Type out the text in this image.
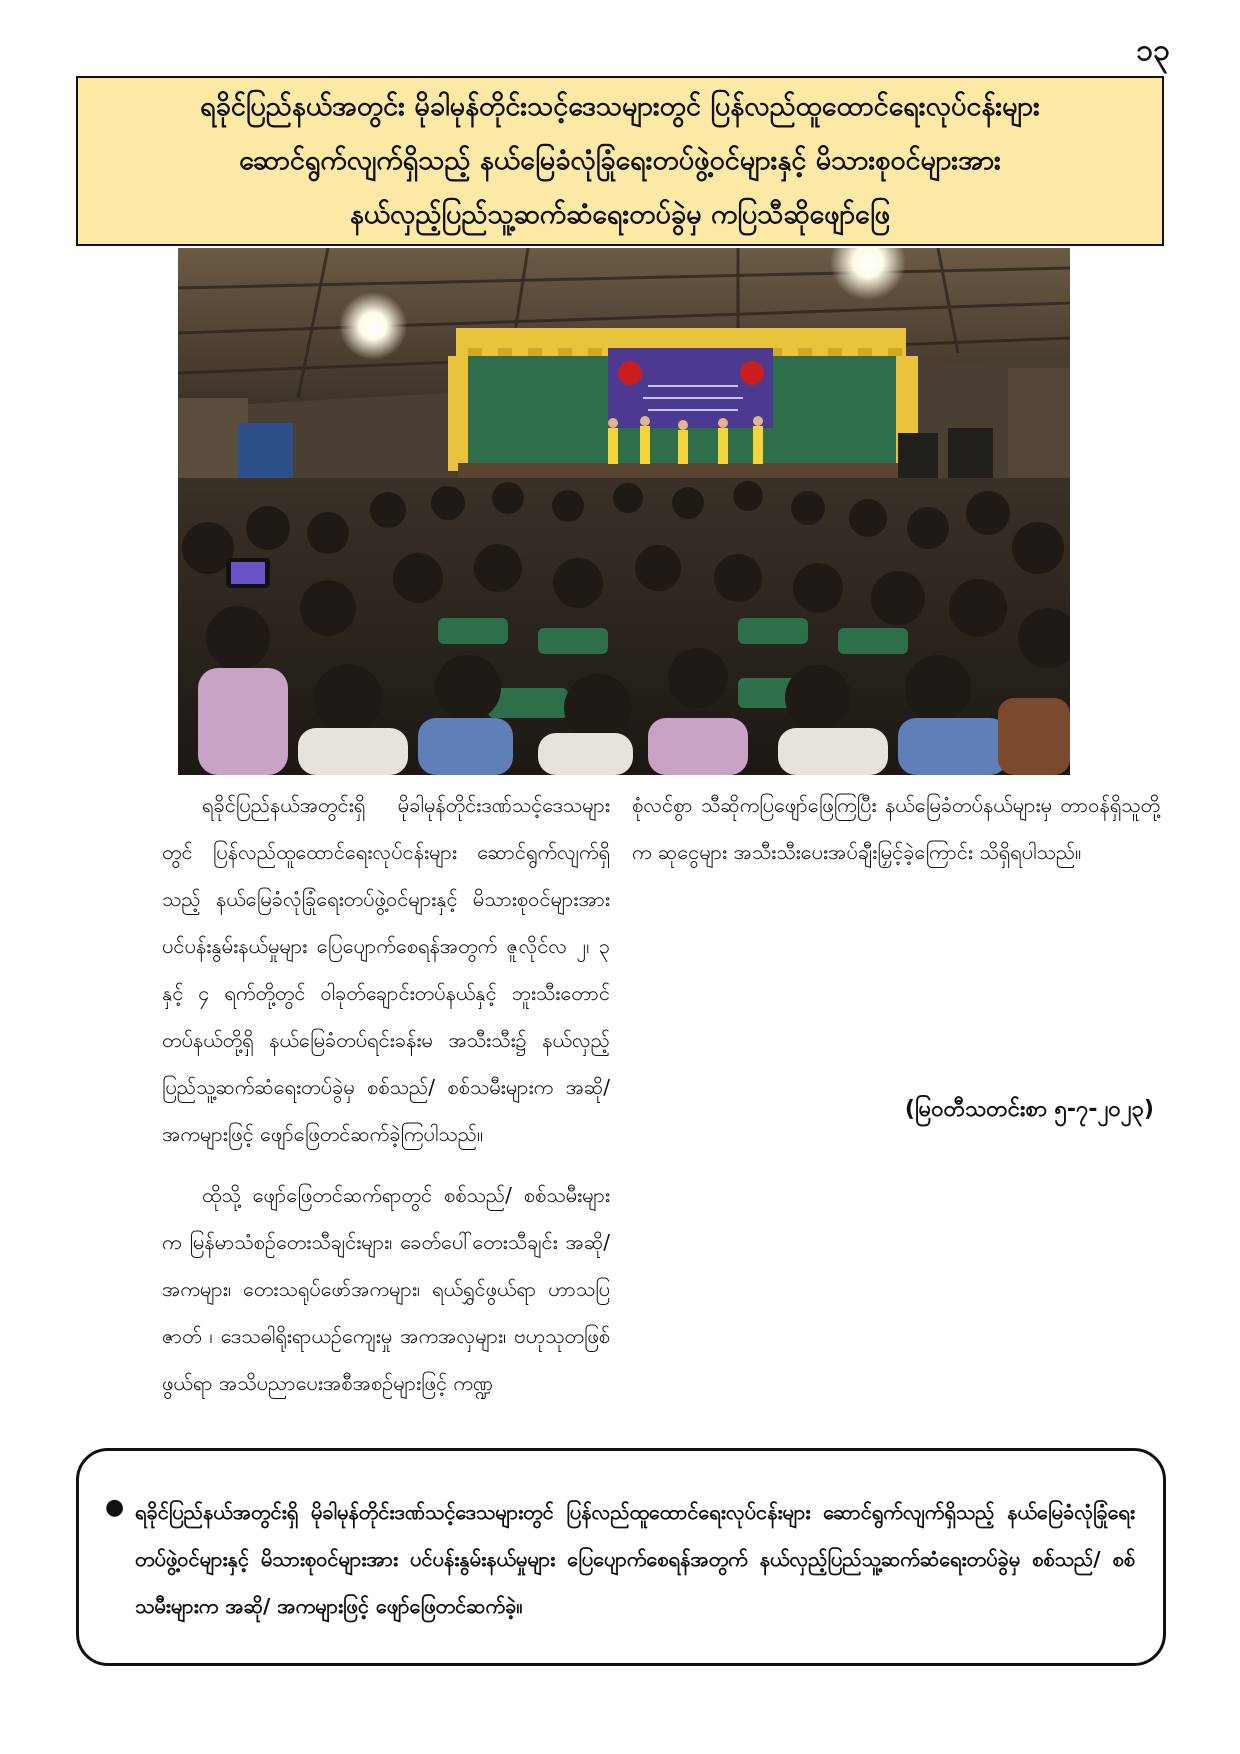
၁၃
ရခိုင်ပြည်နယ်အတွင်း မိုခါမုန်တိုင်းသင့်ဒေသများတွင် ပြန်လည်ထူထောင်ရေးလုပ်ငန်းများ
ဆောင်ရွက်လျက်ရှိသည့် နယ်မြေခံလုံခြုံရေးတပ်ဖွဲ့ဝင်များနှင့် မိသားစုဝင်များအား
နယ်လှည့်ပြည်သူ့ဆက်ဆံရေးတပ်ခွဲမှ ကပြသီဆိုဖျော်ဖြေ

ရခိုင်ပြည်နယ်အတွင်းရှိ မိုခါမုန်တိုင်းဒဏ်သင့်ဒေသများတွင် ပြန်လည်ထူထောင်ရေးလုပ်ငန်းများ ဆောင်ရွက်လျက်ရှိသည့် နယ်မြေခံလုံခြုံရေးတပ်ဖွဲ့ဝင်များနှင့် မိသားစုဝင်များအား ပင်ပန်းနွမ်းနယ်မှုများ ပြေပျောက်စေရန်အတွက် ဇူလိုင်လ ၂၊ ၃ နှင့် ၄ ရက်တို့တွင် ဝါခုတ်ချောင်းတပ်နယ်နှင့် ဘူးသီးတောင်တပ်နယ်တို့ရှိ နယ်မြေခံတပ်ရင်းခန်းမ အသီးသီး၌ နယ်လှည့်ပြည်သူ့ဆက်ဆံရေးတပ်ခွဲမှ စစ်သည်/ စစ်သမီးများက အဆို/ အကများဖြင့် ဖျော်ဖြေတင်ဆက်ခဲ့ကြပါသည်။

ထိုသို့ ဖျော်ဖြေတင်ဆက်ရာတွင် စစ်သည်/ စစ်သမီးများက မြန်မာသံစဉ်တေးသီချင်းများ၊ ခေတ်ပေါ်တေးသီချင်း အဆို/အကများ၊ တေးသရုပ်ဖော်အကများ၊ ရယ်ရွှင်ဖွယ်ရာ ဟာသပြဇာတ် ၊ ဒေသဓါရိုးရာယဉ်ကျေးမှု အကအလှများ၊ ဗဟုသုတဖြစ်ဖွယ်ရာ အသိပညာပေးအစီအစဉ်များဖြင့် ကဏ္ဍ

စုံလင်စွာ သီဆိုကပြဖျော်ဖြေကြပြီး နယ်မြေခံတပ်နယ်များမှ တာဝန်ရှိသူတို့က ဆုငွေများ အသီးသီးပေးအပ်ချီးမြှင့်ခဲ့ကြောင်း သိရှိရပါသည်။

(မြဝတီသတင်းစာ ၅-၇-၂၀၂၃)
● ရခိုင်ပြည်နယ်အတွင်းရှိ မိုခါမုန်တိုင်းဒဏ်သင့်ဒေသများတွင် ပြန်လည်ထူထောင်ရေးလုပ်ငန်းများ ဆောင်ရွက်လျက်ရှိသည့် နယ်မြေခံလုံခြုံရေးတပ်ဖွဲ့ဝင်များနှင့် မိသားစုဝင်များအား ပင်ပန်းနွမ်းနယ်မှုများ ပြေပျောက်စေရန်အတွက် နယ်လှည့်ပြည်သူ့ဆက်ဆံရေးတပ်ခွဲမှ စစ်သည်/ စစ်သမီးများက အဆို/ အကများဖြင့် ဖျော်ဖြေတင်ဆက်ခဲ့။
